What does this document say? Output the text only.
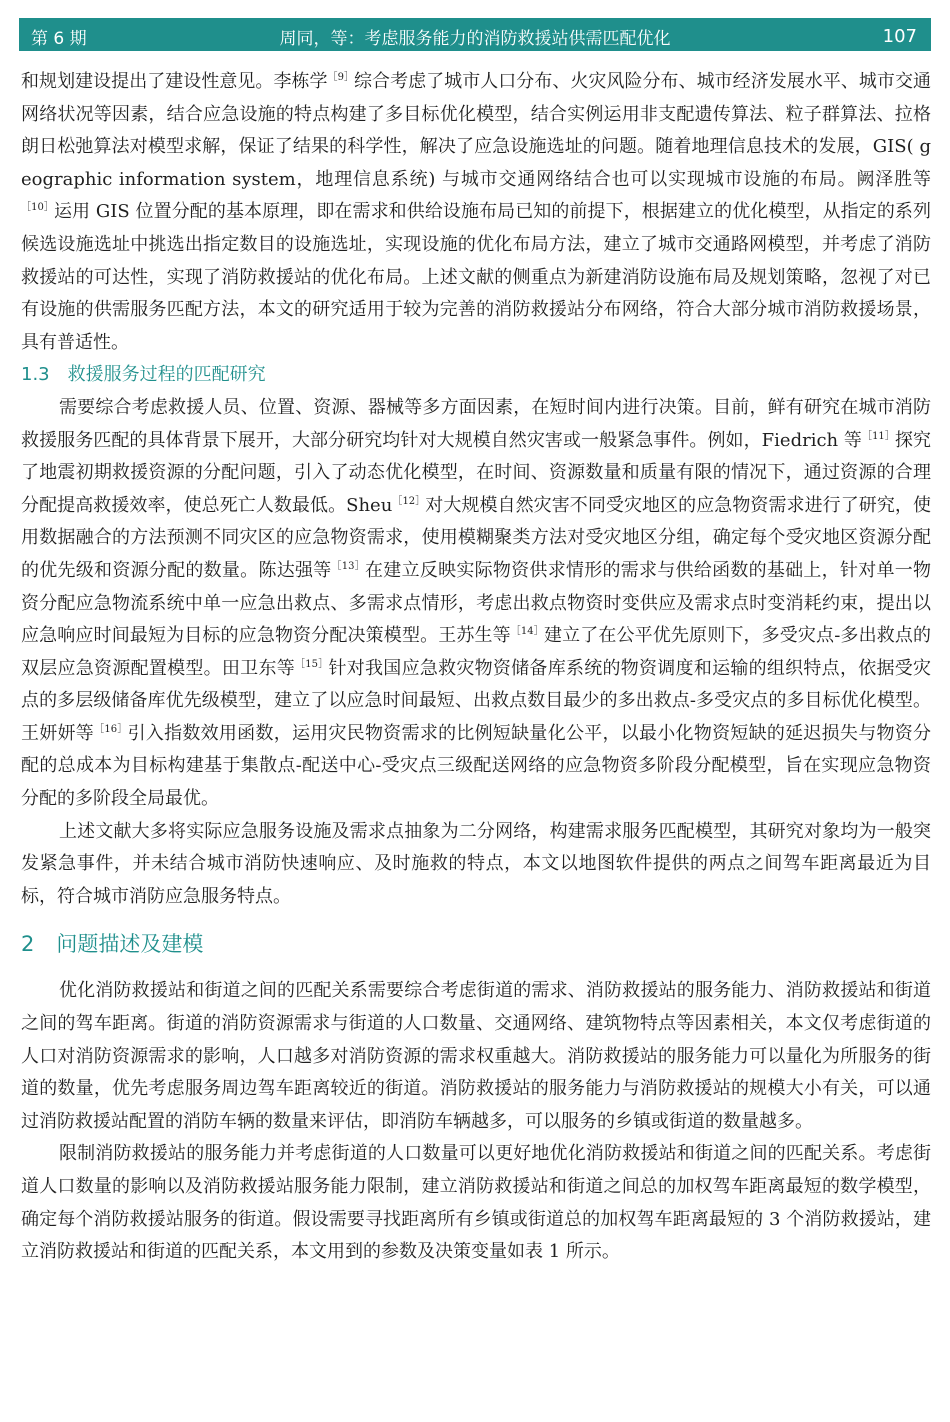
第 6 期	周同，等：考虑服务能力的消防救援站供需匹配优化	107

和规划建设提出了建设性意见。李栋学$^{[9]}$综合考虑了城市人口分布、火灾风险分布、城市经济发展水平、城市交通网络状况等因素，结合应急设施的特点构建了多目标优化模型，结合实例运用非支配遗传算法、粒子群算法、拉格朗日松弛算法对模型求解，保证了结果的科学性，解决了应急设施选址的问题。随着地理信息技术的发展，GIS( geographic information system，地理信息系统) 与城市交通网络结合也可以实现城市设施的布局。阙泽胜等$^{[10]}$运用 GIS 位置分配的基本原理，即在需求和供给设施布局已知的前提下，根据建立的优化模型，从指定的系列候选设施选址中挑选出指定数目的设施选址，实现设施的优化布局方法，建立了城市交通路网模型，并考虑了消防救援站的可达性，实现了消防救援站的优化布局。上述文献的侧重点为新建消防设施布局及规划策略，忽视了对已有设施的供需服务匹配方法，本文的研究适用于较为完善的消防救援站分布网络，符合大部分城市消防救援场景，具有普适性。

1.3 救援服务过程的匹配研究

需要综合考虑救援人员、位置、资源、器械等多方面因素，在短时间内进行决策。目前，鲜有研究在城市消防救援服务匹配的具体背景下展开，大部分研究均针对大规模自然灾害或一般紧急事件。例如，Fiedrich 等$^{[11]}$探究了地震初期救援资源的分配问题，引入了动态优化模型，在时间、资源数量和质量有限的情况下，通过资源的合理分配提高救援效率，使总死亡人数最低。Sheu$^{[12]}$对大规模自然灾害不同受灾地区的应急物资需求进行了研究，使用数据融合的方法预测不同灾区的应急物资需求，使用模糊聚类方法对受灾地区分组，确定每个受灾地区资源分配的优先级和资源分配的数量。陈达强等$^{[13]}$在建立反映实际物资供求情形的需求与供给函数的基础上，针对单一物资分配应急物流系统中单一应急出救点、多需求点情形，考虑出救点物资时变供应及需求点时变消耗约束，提出以应急响应时间最短为目标的应急物资分配决策模型。王苏生等$^{[14]}$建立了在公平优先原则下，多受灾点-多出救点的双层应急资源配置模型。田卫东等$^{[15]}$针对我国应急救灾物资储备库系统的物资调度和运输的组织特点，依据受灾点的多层级储备库优先级模型，建立了以应急时间最短、出救点数目最少的多出救点-多受灾点的多目标优化模型。王妍妍等$^{[16]}$引入指数效用函数，运用灾民物资需求的比例短缺量化公平，以最小化物资短缺的延迟损失与物资分配的总成本为目标构建基于集散点-配送中心-受灾点三级配送网络的应急物资多阶段分配模型，旨在实现应急物资分配的多阶段全局最优。

上述文献大多将实际应急服务设施及需求点抽象为二分网络，构建需求服务匹配模型，其研究对象均为一般突发紧急事件，并未结合城市消防快速响应、及时施救的特点，本文以地图软件提供的两点之间驾车距离最近为目标，符合城市消防应急服务特点。

2 问题描述及建模

优化消防救援站和街道之间的匹配关系需要综合考虑街道的需求、消防救援站的服务能力、消防救援站和街道之间的驾车距离。街道的消防资源需求与街道的人口数量、交通网络、建筑物特点等因素相关，本文仅考虑街道的人口对消防资源需求的影响，人口越多对消防资源的需求权重越大。消防救援站的服务能力可以量化为所服务的街道的数量，优先考虑服务周边驾车距离较近的街道。消防救援站的服务能力与消防救援站的规模大小有关，可以通过消防救援站配置的消防车辆的数量来评估，即消防车辆越多，可以服务的乡镇或街道的数量越多。

限制消防救援站的服务能力并考虑街道的人口数量可以更好地优化消防救援站和街道之间的匹配关系。考虑街道人口数量的影响以及消防救援站服务能力限制，建立消防救援站和街道之间总的加权驾车距离最短的数学模型，确定每个消防救援站服务的街道。假设需要寻找距离所有乡镇或街道总的加权驾车距离最短的 3 个消防救援站，建立消防救援站和街道的匹配关系，本文用到的参数及决策变量如表 1 所示。
